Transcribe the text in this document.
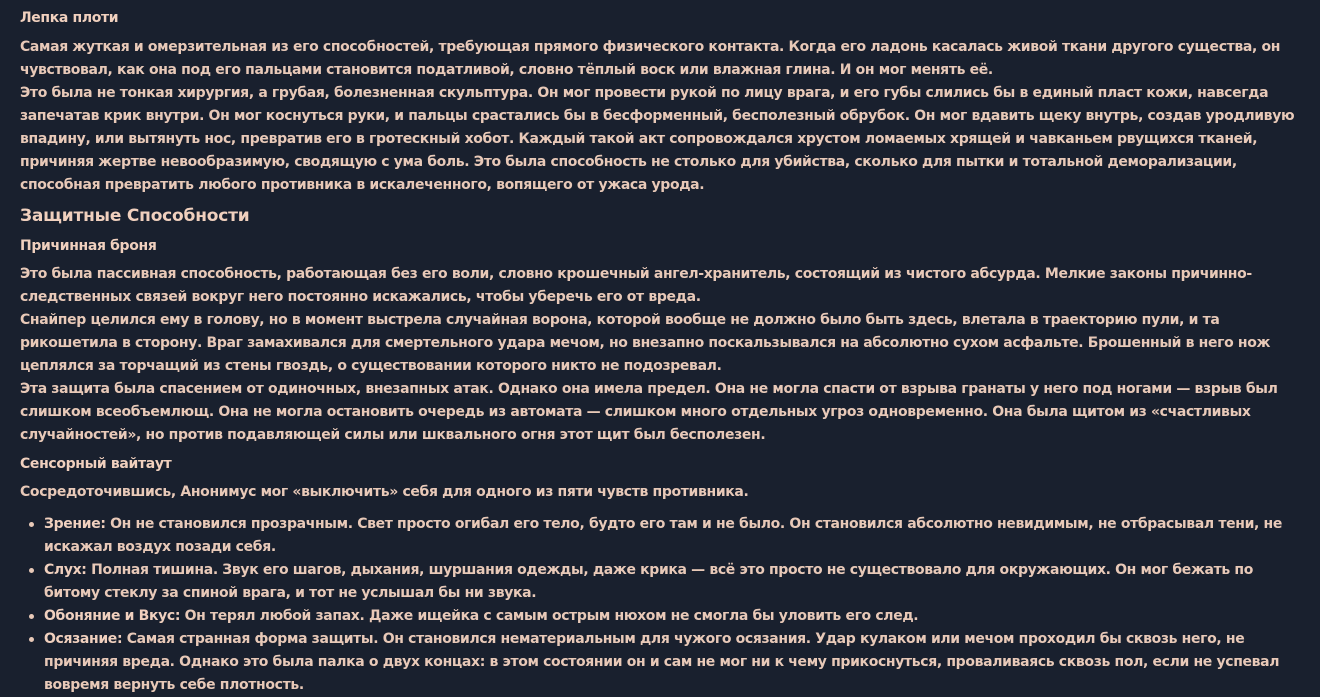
Лепка плоти

Самая жуткая и омерзительная из его способностей, требующая прямого физического контакта. Когда его ладонь касалась живой ткани другого существа, он чувствовал, как она под его пальцами становится податливой, словно тёплый воск или влажная глина. И он мог менять её.

Это была не тонкая хирургия, а грубая, болезненная скульптура. Он мог провести рукой по лицу врага, и его губы слились бы в единый пласт кожи, навсегда запечатав крик внутри. Он мог коснуться руки, и пальцы срастались бы в бесформенный, бесполезный обрубок. Он мог вдавить щеку внутрь, создав уродливую впадину, или вытянуть нос, превратив его в гротескный хобот. Каждый такой акт сопровождался хрустом ломаемых хрящей и чавканьем рвущихся тканей, причиняя жертве невообразимую, сводящую с ума боль. Это была способность не столько для убийства, сколько для пытки и тотальной деморализации, способная превратить любого противника в искалеченного, вопящего от ужаса урода.

Защитные Способности
Причинная броня

Это была пассивная способность, работающая без его воли, словно крошечный ангел-хранитель, состоящий из чистого абсурда. Мелкие законы причинно-следственных связей вокруг него постоянно искажались, чтобы уберечь его от вреда.

Снайпер целился ему в голову, но в момент выстрела случайная ворона, которой вообще не должно было быть здесь, влетала в траекторию пули, и та рикошетила в сторону. Враг замахивался для смертельного удара мечом, но внезапно поскальзывался на абсолютно сухом асфальте. Брошенный в него нож цеплялся за торчащий из стены гвоздь, о существовании которого никто не подозревал.

Эта защита была спасением от одиночных, внезапных атак. Однако она имела предел. Она не могла спасти от взрыва гранаты у него под ногами — взрыв был слишком всеобъемлющ. Она не могла остановить очередь из автомата — слишком много отдельных угроз одновременно. Она была щитом из «счастливых случайностей», но против подавляющей силы или шквального огня этот щит был бесполезен.

Сенсорный вайтаут

Сосредоточившись, Анонимус мог «выключить» себя для одного из пяти чувств противника.

Зрение: Он не становился прозрачным. Свет просто огибал его тело, будто его там и не было. Он становился абсолютно невидимым, не отбрасывал тени, не искажал воздух позади себя.
Слух: Полная тишина. Звук его шагов, дыхания, шуршания одежды, даже крика — всё это просто не существовало для окружающих. Он мог бежать по битому стеклу за спиной врага, и тот не услышал бы ни звука.
Обоняние и Вкус: Он терял любой запах. Даже ищейка с самым острым нюхом не смогла бы уловить его след.
Осязание: Самая странная форма защиты. Он становился нематериальным для чужого осязания. Удар кулаком или мечом проходил бы сквозь него, не причиняя вреда. Однако это была палка о двух концах: в этом состоянии он и сам не мог ни к чему прикоснуться, проваливаясь сквозь пол, если не успевал вовремя вернуть себе плотность.
